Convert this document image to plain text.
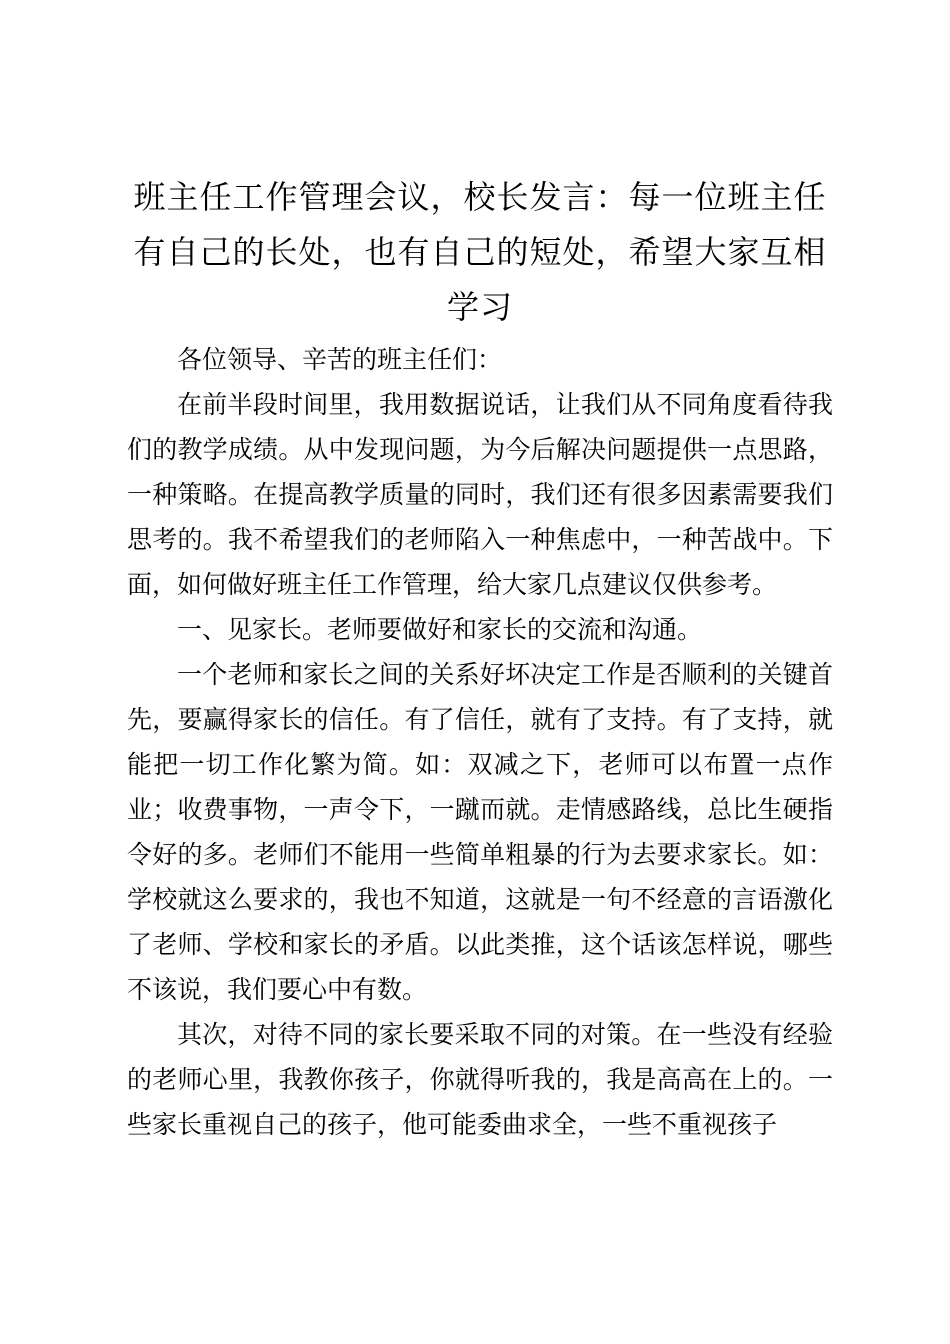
班主任工作管理会议，校长发言：每一位班主任有自己的长处，也有自己的短处，希望大家互相学习

各位领导、辛苦的班主任们：

在前半段时间里，我用数据说话，让我们从不同角度看待我们的教学成绩。从中发现问题，为今后解决问题提供一点思路，一种策略。在提高教学质量的同时，我们还有很多因素需要我们思考的。我不希望我们的老师陷入一种焦虑中，一种苦战中。下面，如何做好班主任工作管理，给大家几点建议仅供参考。

一、见家长。老师要做好和家长的交流和沟通。

一个老师和家长之间的关系好坏决定工作是否顺利的关键首先，要赢得家长的信任。有了信任，就有了支持。有了支持，就能把一切工作化繁为简。如：双减之下，老师可以布置一点作业；收费事物，一声令下，一蹴而就。走情感路线，总比生硬指令好的多。老师们不能用一些简单粗暴的行为去要求家长。如：学校就这么要求的，我也不知道，这就是一句不经意的言语激化了老师、学校和家长的矛盾。以此类推，这个话该怎样说，哪些不该说，我们要心中有数。

其次，对待不同的家长要采取不同的对策。在一些没有经验的老师心里，我教你孩子，你就得听我的，我是高高在上的。一些家长重视自己的孩子，他可能委曲求全，一些不重视孩子
